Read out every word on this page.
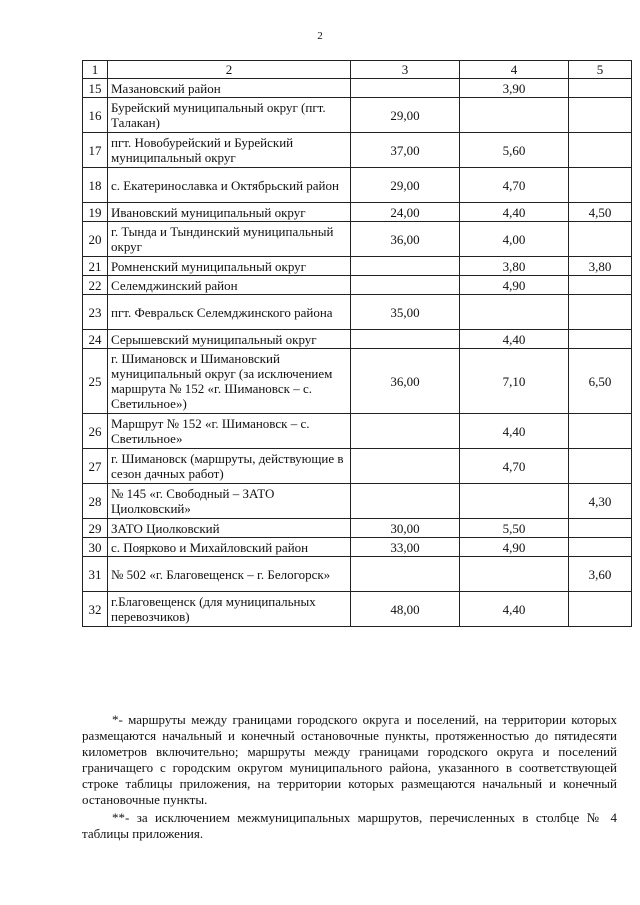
2
1	2	3	4	5
15	Мазановский район		3,90	
16	Бурейский муниципальный округ (пгт. Талакан)	29,00		
17	пгт. Новобурейский и Бурейский муниципальный округ	37,00	5,60	
18	с. Екатеринославка и Октябрьский район	29,00	4,70	
19	Ивановский муниципальный округ	24,00	4,40	4,50
20	г. Тында и Тындинский муниципальный округ	36,00	4,00	
21	Ромненский муниципальный округ		3,80	3,80
22	Селемджинский район		4,90	
23	пгт. Февральск Селемджинского района	35,00		
24	Серышевский муниципальный округ		4,40	
25	г. Шимановск и Шимановский муниципальный округ (за исключением маршрута № 152 «г. Шимановск – с. Светильное»)	36,00	7,10	6,50
26	Маршрут № 152 «г. Шимановск – с. Светильное»		4,40	
27	г. Шимановск (маршруты, действующие в сезон дачных работ)		4,70	
28	№ 145 «г. Свободный – ЗАТО Циолковский»			4,30
29	ЗАТО Циолковский	30,00	5,50	
30	с. Поярково и Михайловский район	33,00	4,90	
31	№ 502 «г. Благовещенск – г. Белогорск»			3,60
32	г.Благовещенск (для муниципальных перевозчиков)	48,00	4,40	

*- маршруты между границами городского округа и поселений, на территории которых размещаются начальный и конечный остановочные пункты, протяженностью до пятидесяти километров включительно; маршруты между границами городского округа и поселений граничащего с городским округом муниципального района, указанного в соответствующей строке таблицы приложения, на территории которых размещаются начальный и конечный остановочные пункты.

**- за исключением межмуниципальных маршрутов, перечисленных в столбце № 4 таблицы приложения.
